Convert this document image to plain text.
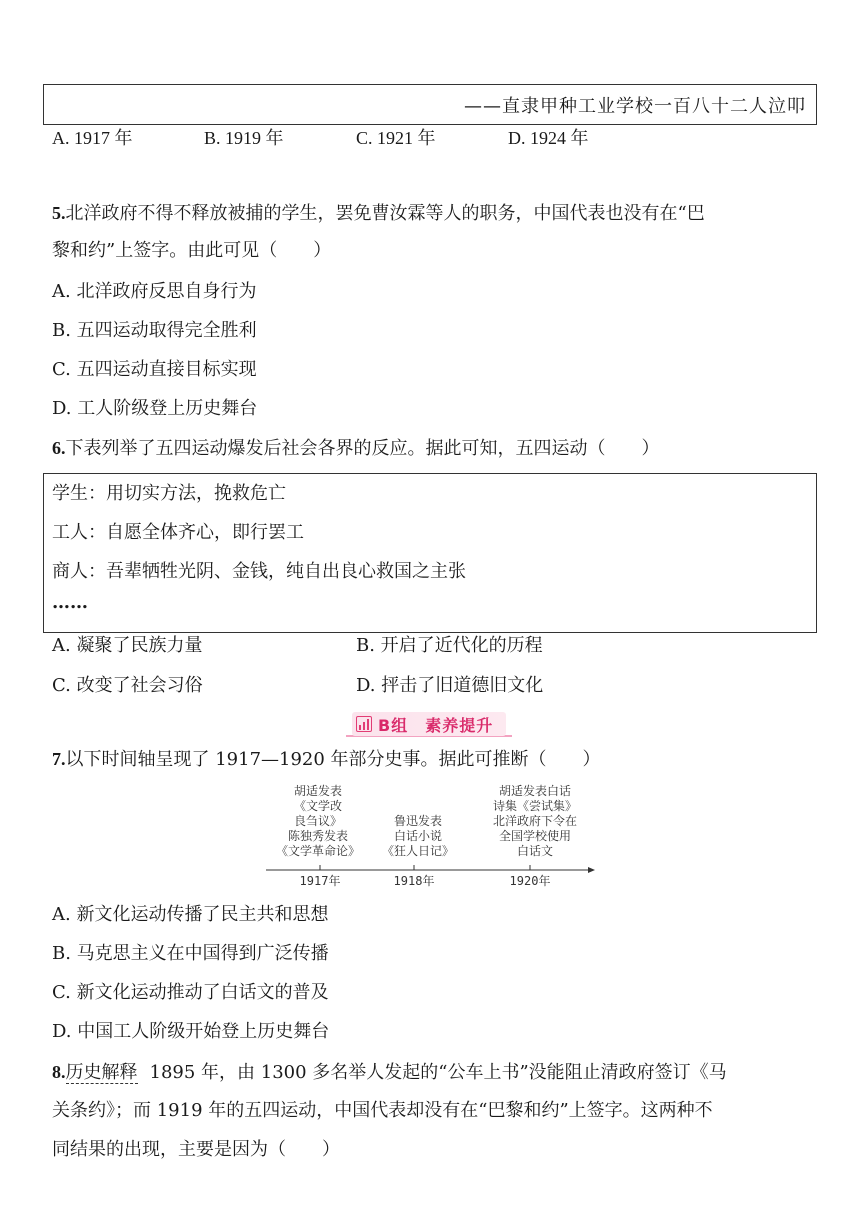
——直隶甲种工业学校一百八十二人泣叩
A. 1917 年	B. 1919 年	C. 1921 年	D. 1924 年
5.北洋政府不得不释放被捕的学生，罢免曹汝霖等人的职务，中国代表也没有在“巴
黎和约”上签字。由此可见（　　）
A. 北洋政府反思自身行为
B. 五四运动取得完全胜利
C. 五四运动直接目标实现
D. 工人阶级登上历史舞台
6.下表列举了五四运动爆发后社会各界的反应。据此可知，五四运动（　　）
学生：用切实方法，挽救危亡
工人：自愿全体齐心，即行罢工
商人：吾辈牺牲光阴、金钱，纯自出良心救国之主张
……
A. 凝聚了民族力量	B. 开启了近代化的历程
C. 改变了社会习俗	D. 抨击了旧道德旧文化
B组　素养提升
7.以下时间轴呈现了 1917—1920 年部分史事。据此可推断（　　）
胡适发表
《文学改
良刍议》
陈独秀发表
《文学革命论》
鲁迅发表
白话小说
《狂人日记》
胡适发表白话
诗集《尝试集》
北洋政府下令在
全国学校使用
白话文
1917年	1918年	1920年
A. 新文化运动传播了民主共和思想
B. 马克思主义在中国得到广泛传播
C. 新文化运动推动了白话文的普及
D. 中国工人阶级开始登上历史舞台
8.历史解释 1895 年，由 1300 多名举人发起的“公车上书”没能阻止清政府签订《马
关条约》；而 1919 年的五四运动，中国代表却没有在“巴黎和约”上签字。这两种不
同结果的出现，主要是因为（　　）
